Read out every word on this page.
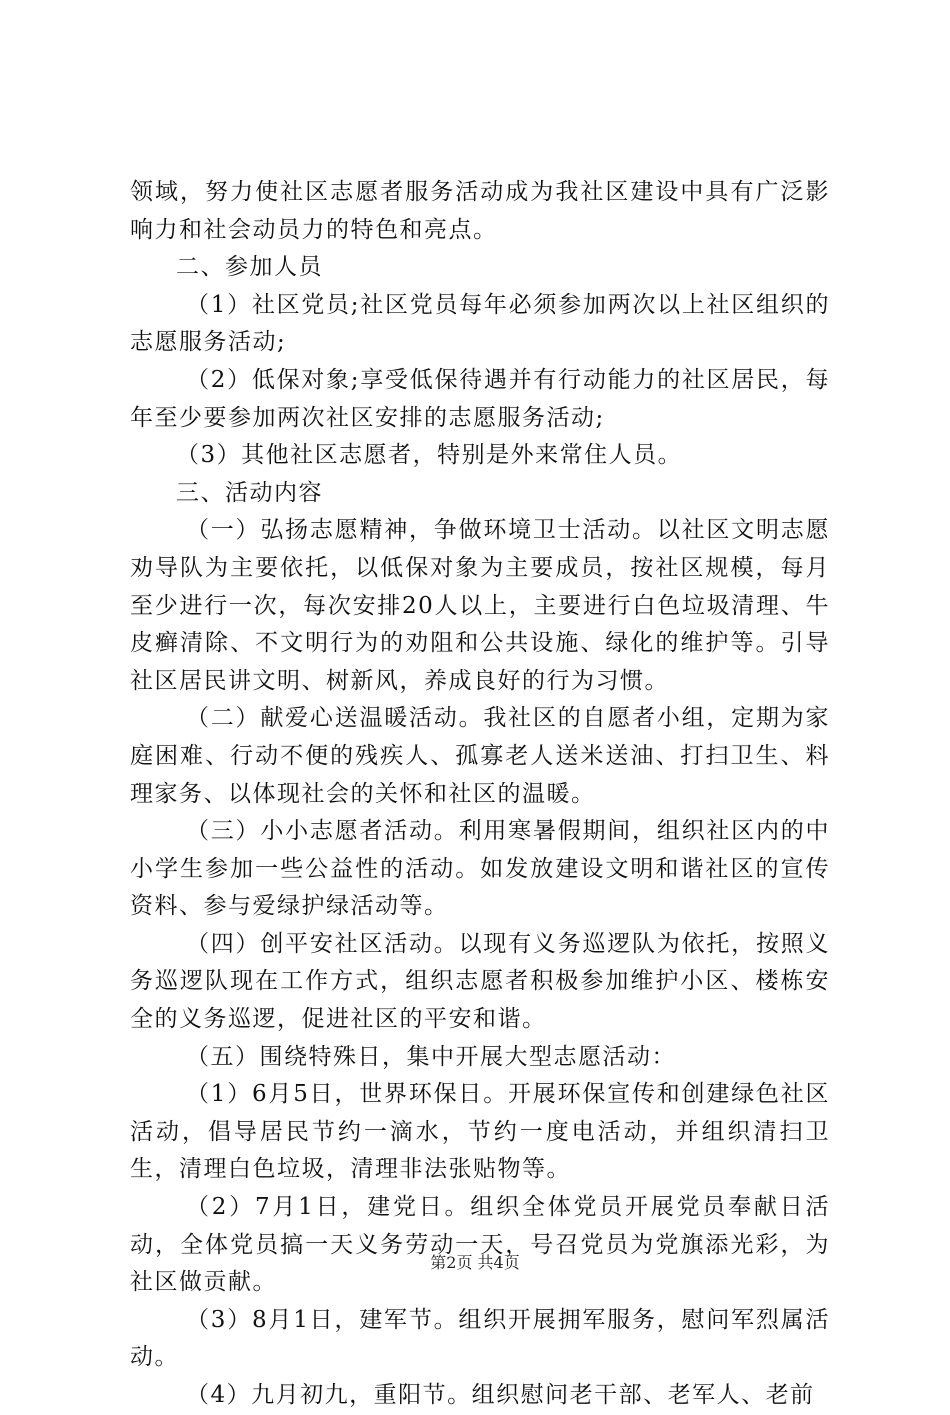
领域，努力使社区志愿者服务活动成为我社区建设中具有广泛影响力和社会动员力的特色和亮点。

二、参加人员

（1）社区党员;社区党员每年必须参加两次以上社区组织的志愿服务活动;

（2）低保对象;享受低保待遇并有行动能力的社区居民，每年至少要参加两次社区安排的志愿服务活动;

（3）其他社区志愿者，特别是外来常住人员。

三、活动内容

（一）弘扬志愿精神，争做环境卫士活动。以社区文明志愿劝导队为主要依托，以低保对象为主要成员，按社区规模，每月至少进行一次，每次安排20人以上，主要进行白色垃圾清理、牛皮癣清除、不文明行为的劝阻和公共设施、绿化的维护等。引导社区居民讲文明、树新风，养成良好的行为习惯。

（二）献爱心送温暖活动。我社区的自愿者小组，定期为家庭困难、行动不便的残疾人、孤寡老人送米送油、打扫卫生、料理家务、以体现社会的关怀和社区的温暖。

（三）小小志愿者活动。利用寒暑假期间，组织社区内的中小学生参加一些公益性的活动。如发放建设文明和谐社区的宣传资料、参与爱绿护绿活动等。

（四）创平安社区活动。以现有义务巡逻队为依托，按照义务巡逻队现在工作方式，组织志愿者积极参加维护小区、楼栋安全的义务巡逻，促进社区的平安和谐。

（五）围绕特殊日，集中开展大型志愿活动：

（1）6月5日，世界环保日。开展环保宣传和创建绿色社区活动，倡导居民节约一滴水，节约一度电活动，并组织清扫卫生，清理白色垃圾，清理非法张贴物等。

（2）7月1日，建党日。组织全体党员开展党员奉献日活动，全体党员搞一天义务劳动一天，号召党员为党旗添光彩，为社区做贡献。

（3）8月1日，建军节。组织开展拥军服务，慰问军烈属活动。

（4）九月初九，重阳节。组织慰问老干部、老军人、老前

第2页 共4页
